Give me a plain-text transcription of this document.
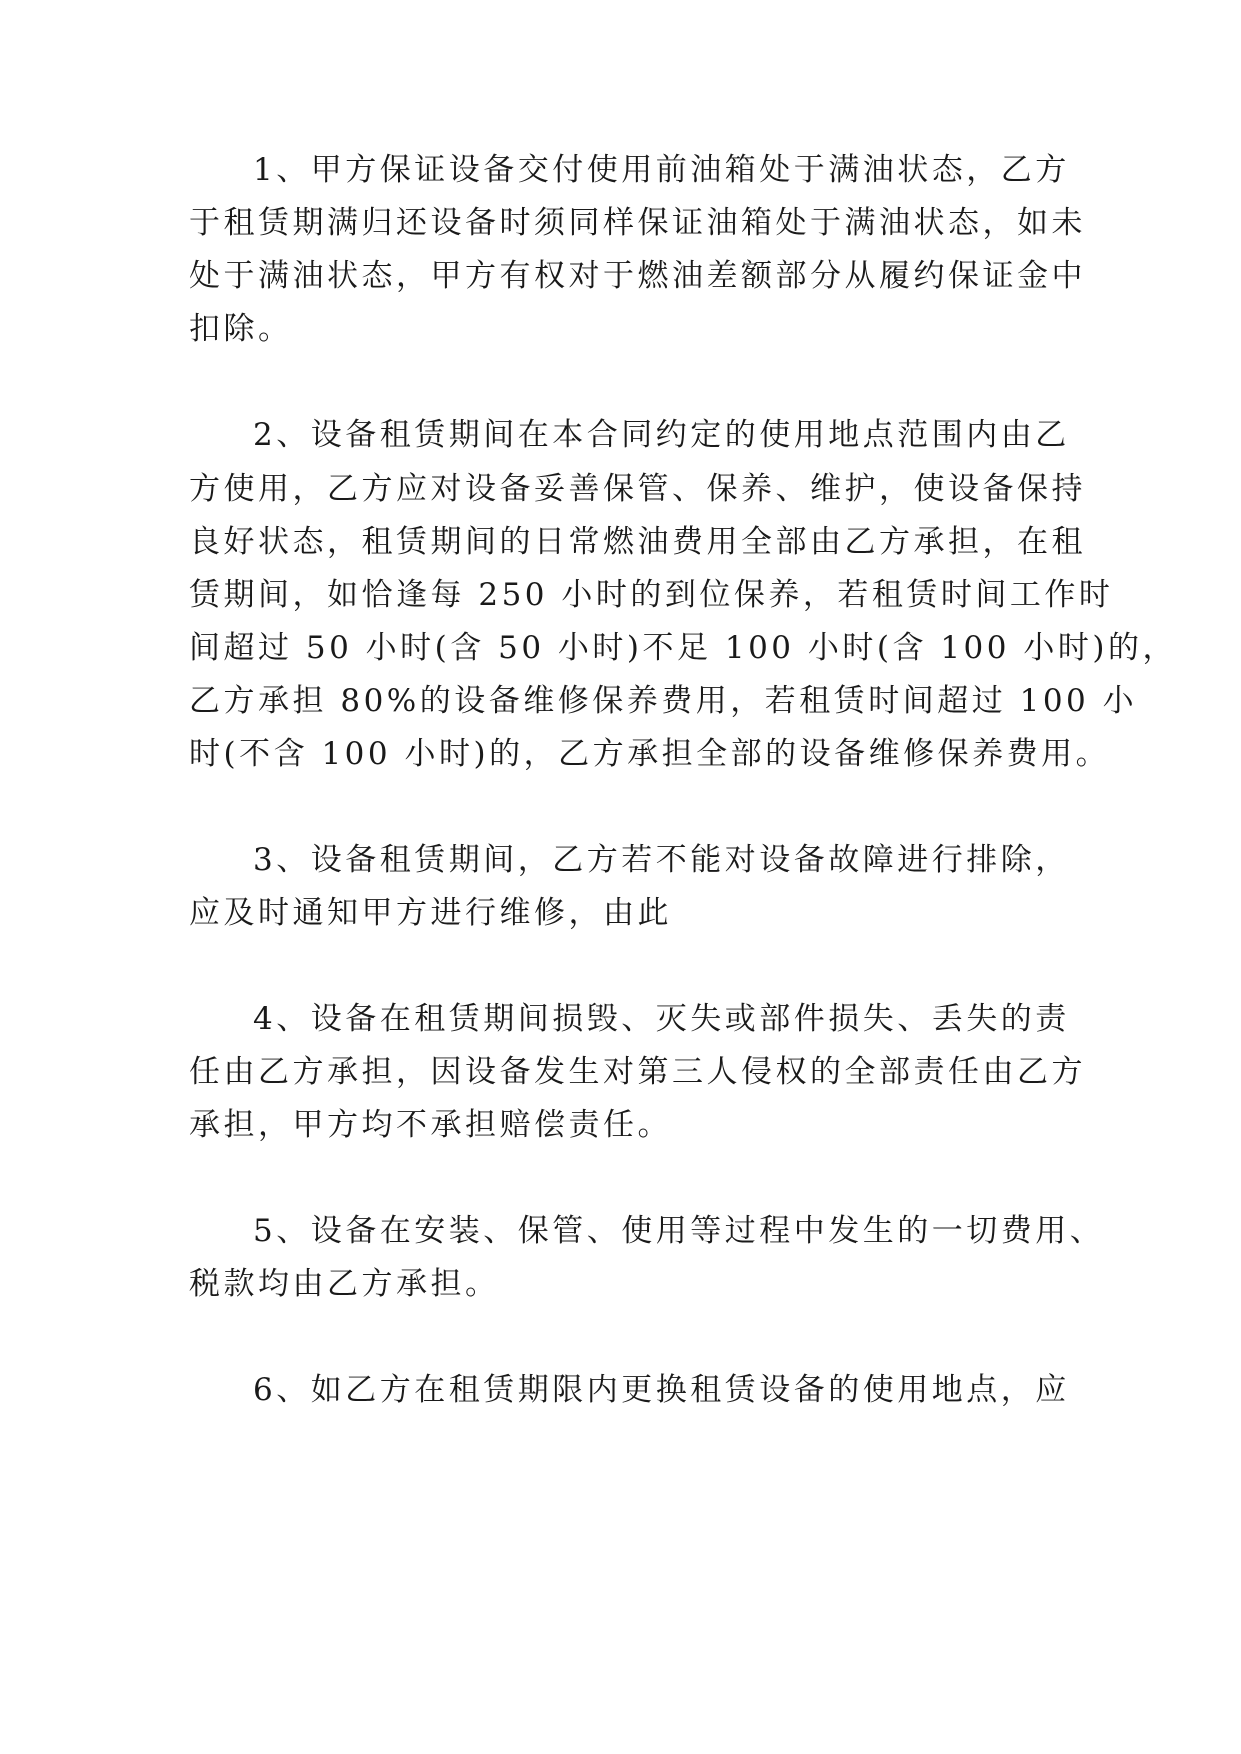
1、甲方保证设备交付使用前油箱处于满油状态，乙方
于租赁期满归还设备时须同样保证油箱处于满油状态，如未
处于满油状态，甲方有权对于燃油差额部分从履约保证金中
扣除。
2、设备租赁期间在本合同约定的使用地点范围内由乙
方使用，乙方应对设备妥善保管、保养、维护，使设备保持
良好状态，租赁期间的日常燃油费用全部由乙方承担，在租
赁期间，如恰逢每 250 小时的到位保养，若租赁时间工作时
间超过 50 小时(含 50 小时)不足 100 小时(含 100 小时)的，
乙方承担 80%的设备维修保养费用，若租赁时间超过 100 小
时(不含 100 小时)的，乙方承担全部的设备维修保养费用。
3、设备租赁期间，乙方若不能对设备故障进行排除，
应及时通知甲方进行维修，由此
4、设备在租赁期间损毁、灭失或部件损失、丢失的责
任由乙方承担，因设备发生对第三人侵权的全部责任由乙方
承担，甲方均不承担赔偿责任。
5、设备在安装、保管、使用等过程中发生的一切费用、
税款均由乙方承担。
6、如乙方在租赁期限内更换租赁设备的使用地点，应
